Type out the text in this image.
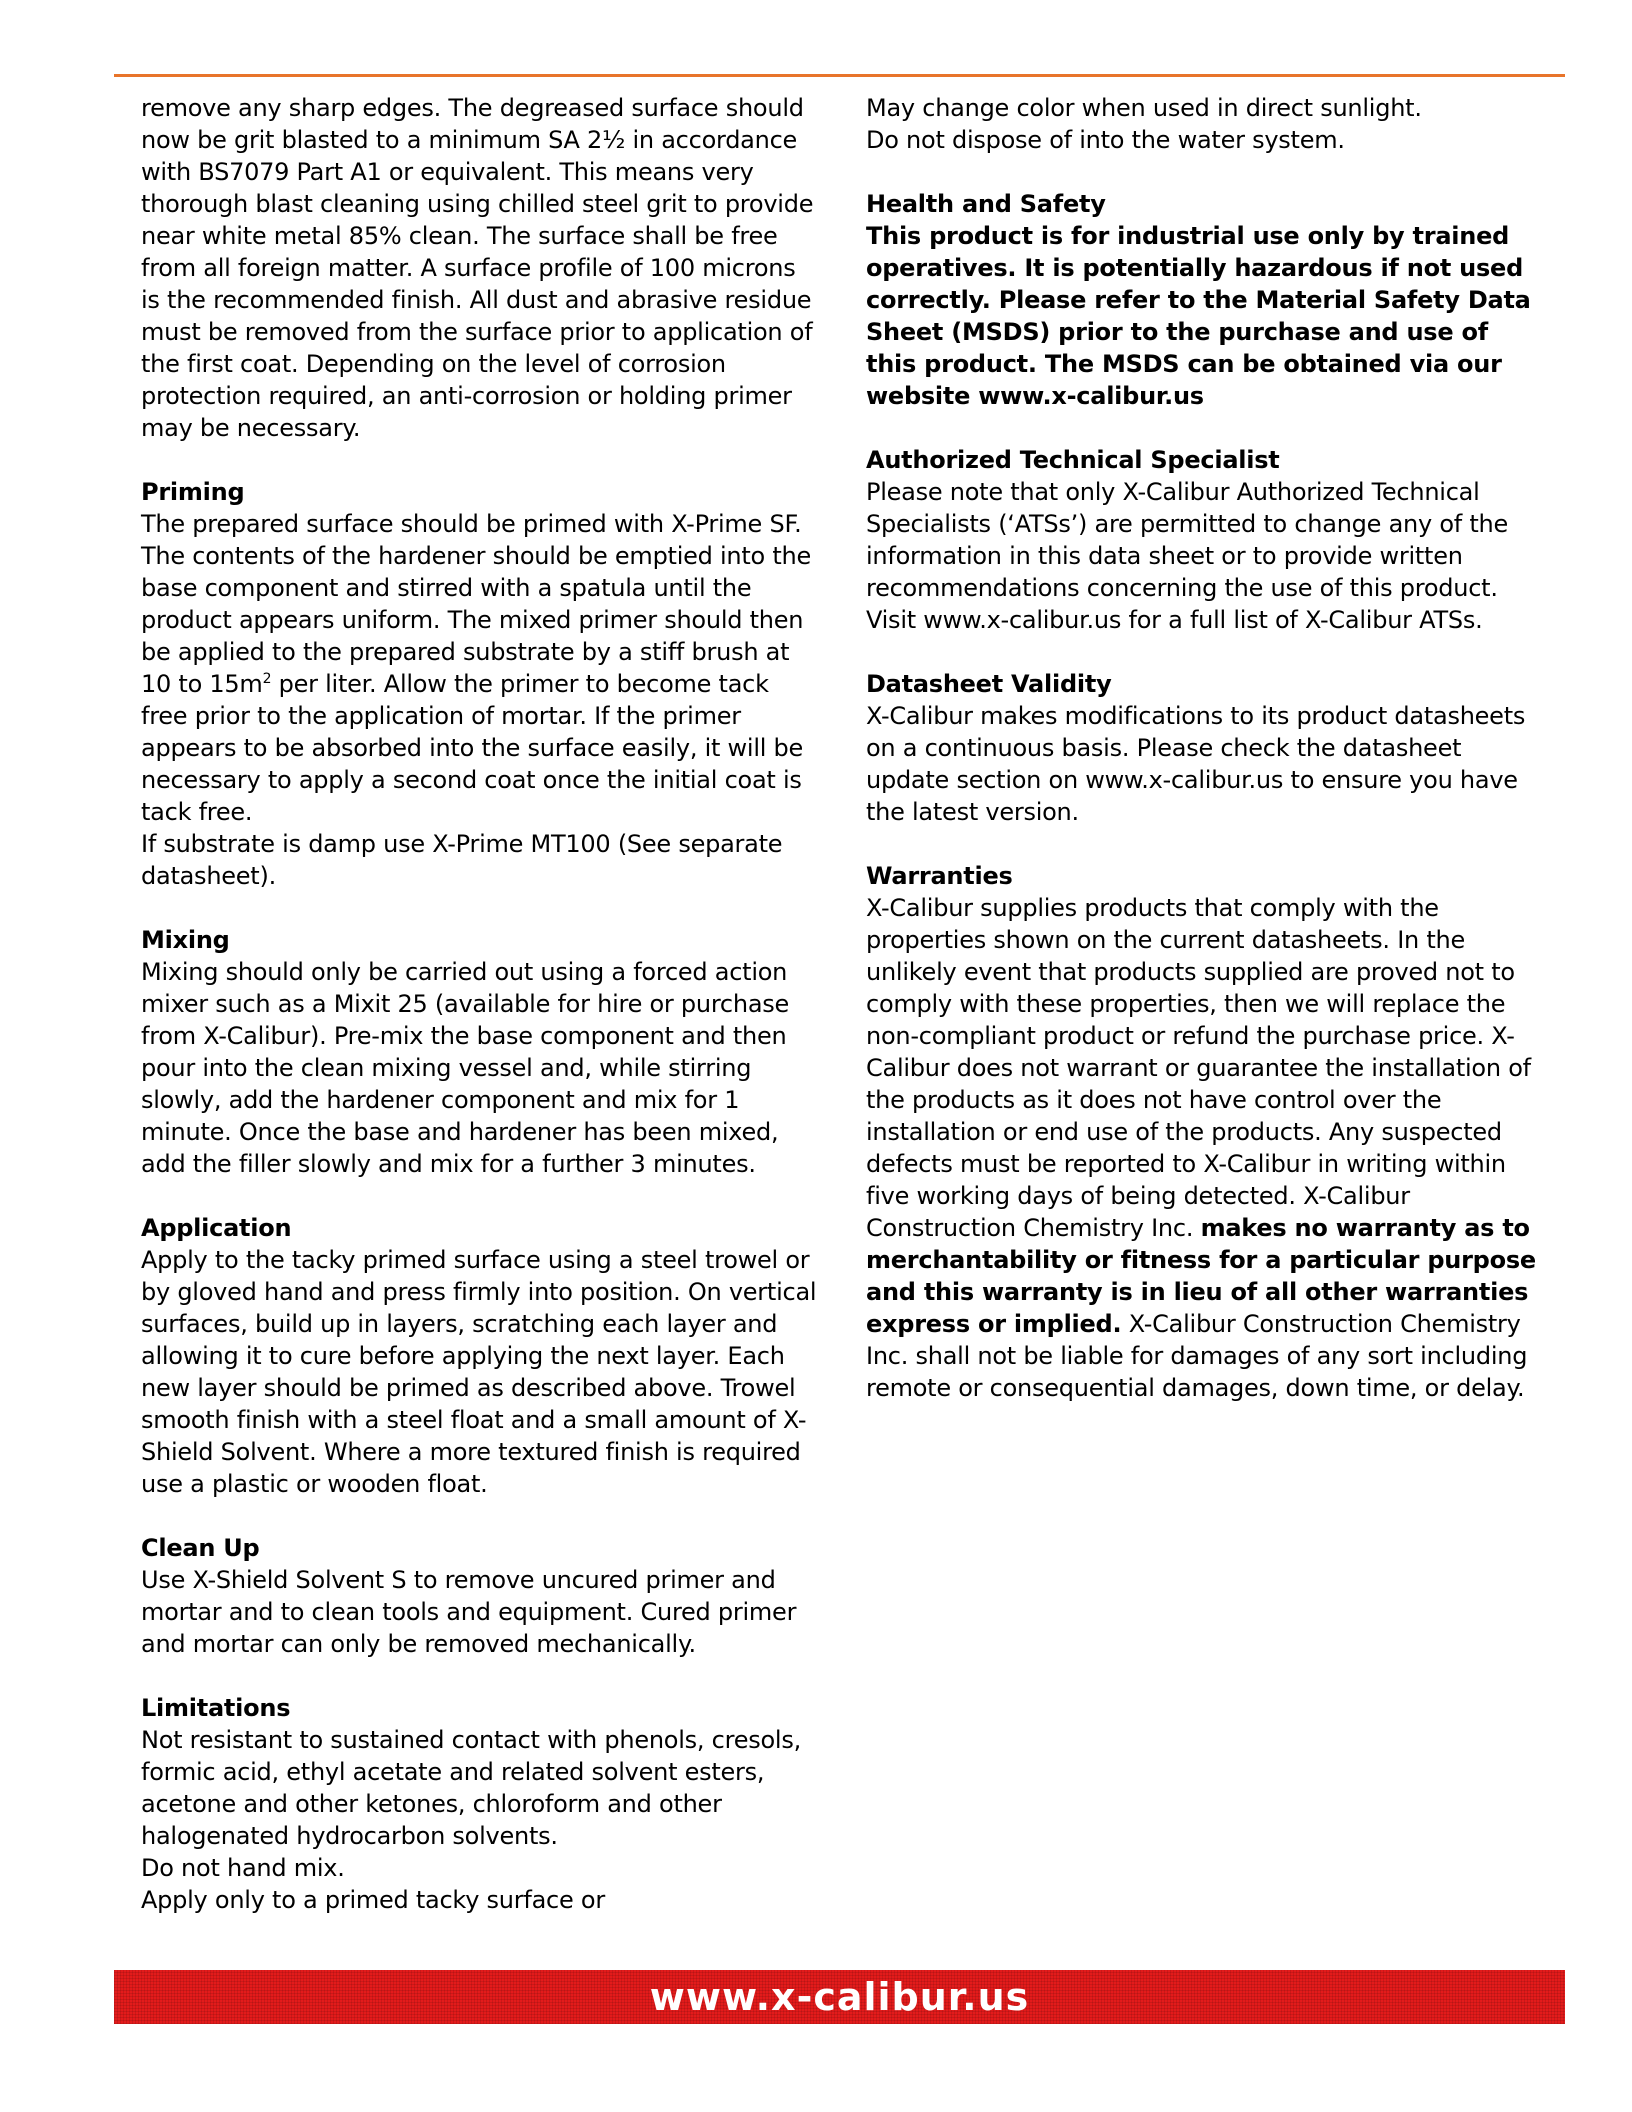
remove any sharp edges. The degreased surface should now be grit blasted to a minimum SA 2½ in accordance with BS7079 Part A1 or equivalent. This means very thorough blast cleaning using chilled steel grit to provide near white metal 85% clean. The surface shall be free from all foreign matter. A surface profile of 100 microns is the recommended finish. All dust and abrasive residue must be removed from the surface prior to application of the first coat. Depending on the level of corrosion protection required, an anti-corrosion or holding primer may be necessary.

Priming

The prepared surface should be primed with X-Prime SF. The contents of the hardener should be emptied into the base component and stirred with a spatula until the product appears uniform. The mixed primer should then be applied to the prepared substrate by a stiff brush at 10 to $15m^2$ per liter. Allow the primer to become tack free prior to the application of mortar. If the primer appears to be absorbed into the surface easily, it will be necessary to apply a second coat once the initial coat is tack free.

If substrate is damp use X-Prime MT100 (See separate datasheet).

Mixing

Mixing should only be carried out using a forced action mixer such as a Mixit 25 (available for hire or purchase from X-Calibur). Pre-mix the base component and then pour into the clean mixing vessel and, while stirring slowly, add the hardener component and mix for 1 minute. Once the base and hardener has been mixed, add the filler slowly and mix for a further 3 minutes.

Application

Apply to the tacky primed surface using a steel trowel or by gloved hand and press firmly into position. On vertical surfaces, build up in layers, scratching each layer and allowing it to cure before applying the next layer. Each new layer should be primed as described above. Trowel smooth finish with a steel float and a small amount of X-Shield Solvent. Where a more textured finish is required use a plastic or wooden float.

Clean Up

Use X-Shield Solvent S to remove uncured primer and mortar and to clean tools and equipment. Cured primer and mortar can only be removed mechanically.

Limitations

Not resistant to sustained contact with phenols, cresols, formic acid, ethyl acetate and related solvent esters, acetone and other ketones, chloroform and other halogenated hydrocarbon solvents.

Do not hand mix.

Apply only to a primed tacky surface or

May change color when used in direct sunlight.

Do not dispose of into the water system.

Health and Safety

This product is for industrial use only by trained operatives. It is potentially hazardous if not used correctly. Please refer to the Material Safety Data Sheet (MSDS) prior to the purchase and use of this product. The MSDS can be obtained via our website www.x-calibur.us

Authorized Technical Specialist

Please note that only X-Calibur Authorized Technical Specialists (‘ATSs’) are permitted to change any of the information in this data sheet or to provide written recommendations concerning the use of this product. Visit www.x-calibur.us for a full list of X-Calibur ATSs.

Datasheet Validity

X-Calibur makes modifications to its product datasheets on a continuous basis. Please check the datasheet update section on www.x-calibur.us to ensure you have the latest version.

Warranties

X-Calibur supplies products that comply with the properties shown on the current datasheets. In the unlikely event that products supplied are proved not to comply with these properties, then we will replace the non-compliant product or refund the purchase price. X-Calibur does not warrant or guarantee the installation of the products as it does not have control over the installation or end use of the products. Any suspected defects must be reported to X-Calibur in writing within five working days of being detected. X-Calibur Construction Chemistry Inc. makes no warranty as to merchantability or fitness for a particular purpose and this warranty is in lieu of all other warranties express or implied. X-Calibur Construction Chemistry Inc. shall not be liable for damages of any sort including remote or consequential damages, down time, or delay.

www.x-calibur.us
